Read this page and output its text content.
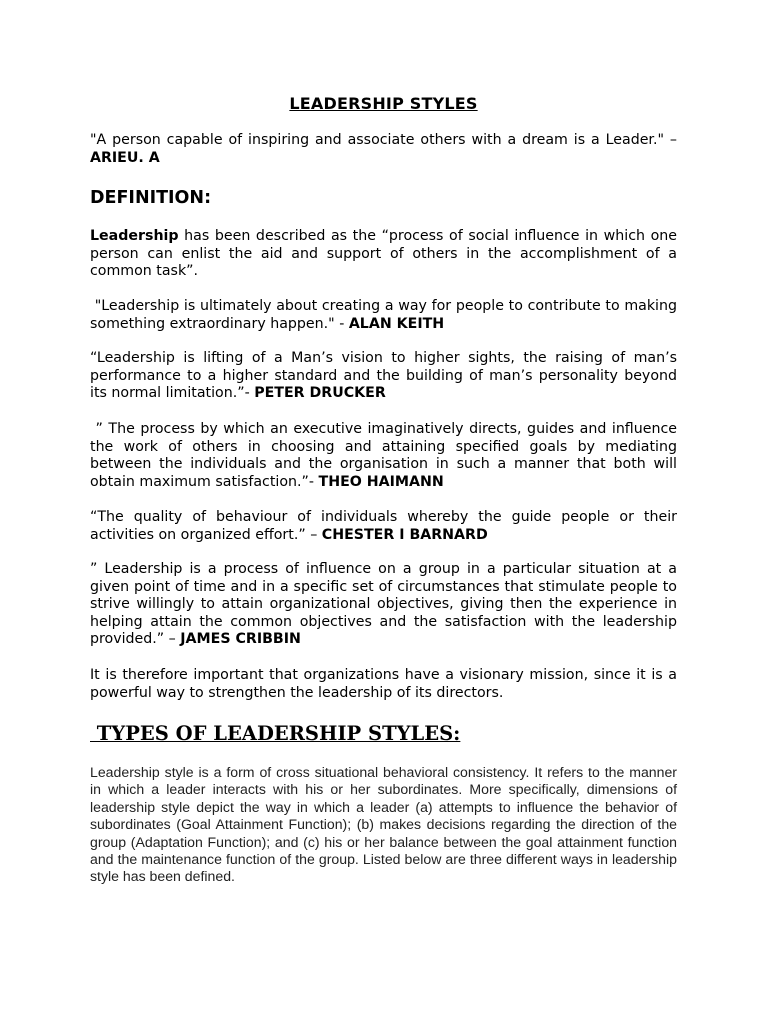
LEADERSHIP STYLES
"A person capable of inspiring and associate others with a dream is a Leader." – ARIEU. A
DEFINITION:
Leadership has been described as the “process of social influence in which one person can enlist the aid and support of others in the accomplishment of a common task”.
"Leadership is ultimately about creating a way for people to contribute to making something extraordinary happen." - ALAN KEITH
“Leadership is lifting of a Man’s vision to higher sights, the raising of man’s performance to a higher standard and the building of man’s personality beyond its normal limitation.”- PETER DRUCKER
” The process by which an executive imaginatively directs, guides and influence the work of others in choosing and attaining specified goals by mediating between the individuals and the organisation in such a manner that both will obtain maximum satisfaction.”- THEO HAIMANN
“The quality of behaviour of individuals whereby the guide people or their activities on organized effort.” – CHESTER I BARNARD
” Leadership is a process of influence on a group in a particular situation at a given point of time and in a specific set of circumstances that stimulate people to strive willingly to attain organizational objectives, giving then the experience in helping attain the common objectives and the satisfaction with the leadership provided.” – JAMES CRIBBIN
It is therefore important that organizations have a visionary mission, since it is a powerful way to strengthen the leadership of its directors.
TYPES OF LEADERSHIP STYLES:
Leadership style is a form of cross situational behavioral consistency. It refers to the manner in which a leader interacts with his or her subordinates. More specifically, dimensions of leadership style depict the way in which a leader (a) attempts to influence the behavior of subordinates (Goal Attainment Function); (b) makes decisions regarding the direction of the group (Adaptation Function); and (c) his or her balance between the goal attainment function and the maintenance function of the group. Listed below are three different ways in leadership style has been defined.
